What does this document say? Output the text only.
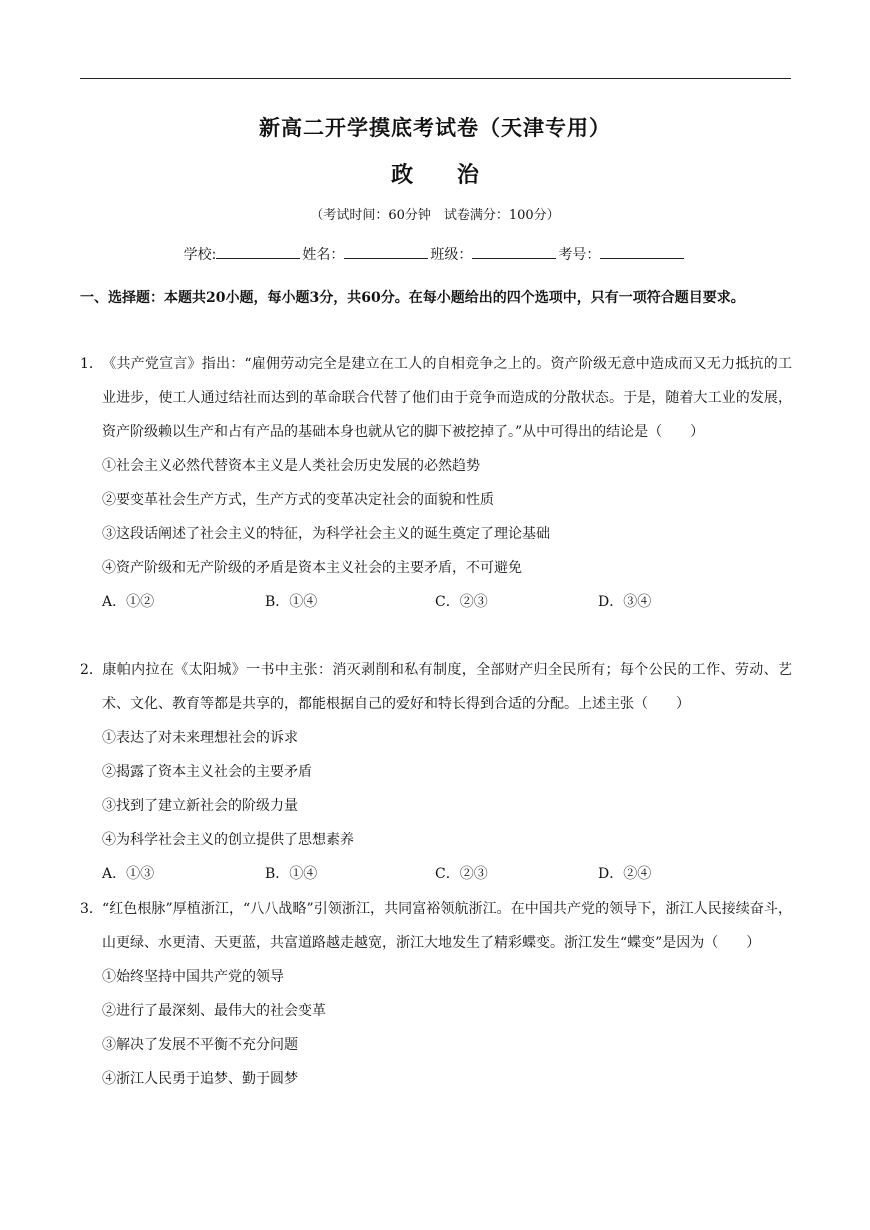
新高二开学摸底考试卷（天津专用）
政 治
（考试时间：60分钟　试卷满分：100分）
学校:	姓名：	班级：	考号：
一、选择题：本题共20小题，每小题3分，共60分。在每小题给出的四个选项中，只有一项符合题目要求。
1．《共产党宣言》指出：“雇佣劳动完全是建立在工人的自相竞争之上的。资产阶级无意中造成而又无力抵抗的工业进步，使工人通过结社而达到的革命联合代替了他们由于竞争而造成的分散状态。于是，随着大工业的发展，资产阶级赖以生产和占有产品的基础本身也就从它的脚下被挖掉了。”从中可得出的结论是（　　）
①社会主义必然代替资本主义是人类社会历史发展的必然趋势
②要变革社会生产方式，生产方式的变革决定社会的面貌和性质
③这段话阐述了社会主义的特征，为科学社会主义的诞生奠定了理论基础
④资产阶级和无产阶级的矛盾是资本主义社会的主要矛盾，不可避免
A．①②	B．①④	C．②③	D．③④
2．康帕内拉在《太阳城》一书中主张：消灭剥削和私有制度，全部财产归全民所有；每个公民的工作、劳动、艺术、文化、教育等都是共享的，都能根据自己的爱好和特长得到合适的分配。上述主张（　　）
①表达了对未来理想社会的诉求
②揭露了资本主义社会的主要矛盾
③找到了建立新社会的阶级力量
④为科学社会主义的创立提供了思想素养
A．①③	B．①④	C．②③	D．②④
3．“红色根脉”厚植浙江，“八八战略”引领浙江，共同富裕领航浙江。在中国共产党的领导下，浙江人民接续奋斗，山更绿、水更清、天更蓝，共富道路越走越宽，浙江大地发生了精彩蝶变。浙江发生“蝶变”是因为（　　）
①始终坚持中国共产党的领导
②进行了最深刻、最伟大的社会变革
③解决了发展不平衡不充分问题
④浙江人民勇于追梦、勤于圆梦
